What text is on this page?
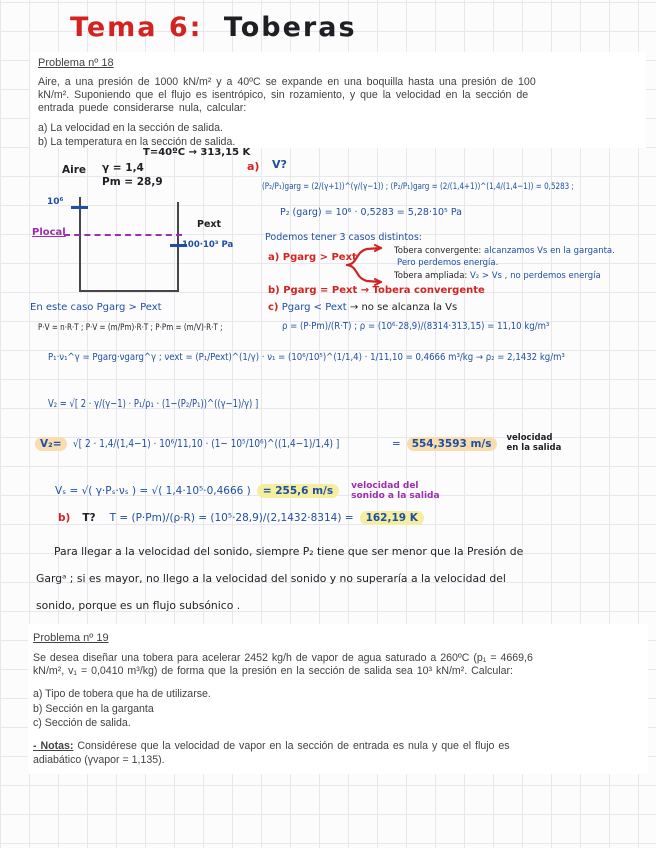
Tema 6: Toberas
Problema nº 18
Aire, a una presión de 1000 kN/m² y a 40ºC se expande en una boquilla hasta una presión de 100
kN/m². Suponiendo que el flujo es isentrópico, sin rozamiento, y que la velocidad en la sección de
entrada puede considerarse nula, calcular:
a) La velocidad en la sección de salida.
b) La temperatura en la sección de salida.
T=40ºC → 313,15 K
Aire γ = 1,4
Pm = 28,9
10⁶
Plocal
Pext
100·10³ Pa
a) V?
(P₂/P₁)garg = (2/(γ+1))^(γ/(γ−1)) ; (P₂/P₁)garg = (2/(1,4+1))^(1,4/(1,4−1)) = 0,5283 ;
P₂ (garg) = 10⁶ · 0,5283 = 5,28·10⁵ Pa
Podemos tener 3 casos distintos:
a) Pgarg > Pext
Tobera convergente: alcanzamos Vs en la garganta.
Pero perdemos energía.
Tobera ampliada: V₂ > Vs , no perdemos energía
b) Pgarg = Pext → Tobera convergente
c) Pgarg < Pext → no se alcanza la Vs
En este caso Pgarg > Pext
P·V = n·R·T ; P·V = (m/Pm)·R·T ; P·Pm = (m/V)·R·T ;	ρ = (P·Pm)/(R·T) ; ρ = (10⁶·28,9)/(8314·313,15) = 11,10 kg/m³
P₁·ν₁^γ = Pgarg·νgarg^γ ; νext = (P₁/Pext)^(1/γ) · ν₁ = (10⁶/10⁵)^(1/1,4) · 1/11,10 = 0,4666 m³/kg → ρ₂ = 2,1432 kg/m³
V₂ = √[ 2 · γ/(γ−1) · P₁/ρ₁ · (1−(P₂/P₁))^((γ−1)/γ) ]
V₂=	√[ 2 · 1,4/(1,4−1) · 10⁶/11,10 · (1− 10⁵/10⁶)^((1,4−1)/1,4) ]	=	554,3593 m/s	velocidad
en la salida
Vₛ = √( γ·Pₛ·νₛ ) = √( 1,4·10⁵·0,4666 )	= 255,6 m/s	velocidad del
sonido a la salida
b) T? T = (P·Pm)/(ρ·R) = (10⁵·28,9)/(2,1432·8314) =	162,19 K
Para llegar a la velocidad del sonido, siempre P₂ tiene que ser menor que la Presión de
Gargᵃ ; si es mayor, no llego a la velocidad del sonido y no superaría a la velocidad del
sonido, porque es un flujo subsónico .
Problema nº 19
Se desea diseñar una tobera para acelerar 2452 kg/h de vapor de agua saturado a 260ºC (p₁ = 4669,6
kN/m², v₁ = 0,0410 m³/kg) de forma que la presión en la sección de salida sea 10³ kN/m². Calcular:
a) Tipo de tobera que ha de utilizarse.
b) Sección en la garganta
c) Sección de salida.
- Notas: Considérese que la velocidad de vapor en la sección de entrada es nula y que el flujo es
adiabático (γvapor = 1,135).
